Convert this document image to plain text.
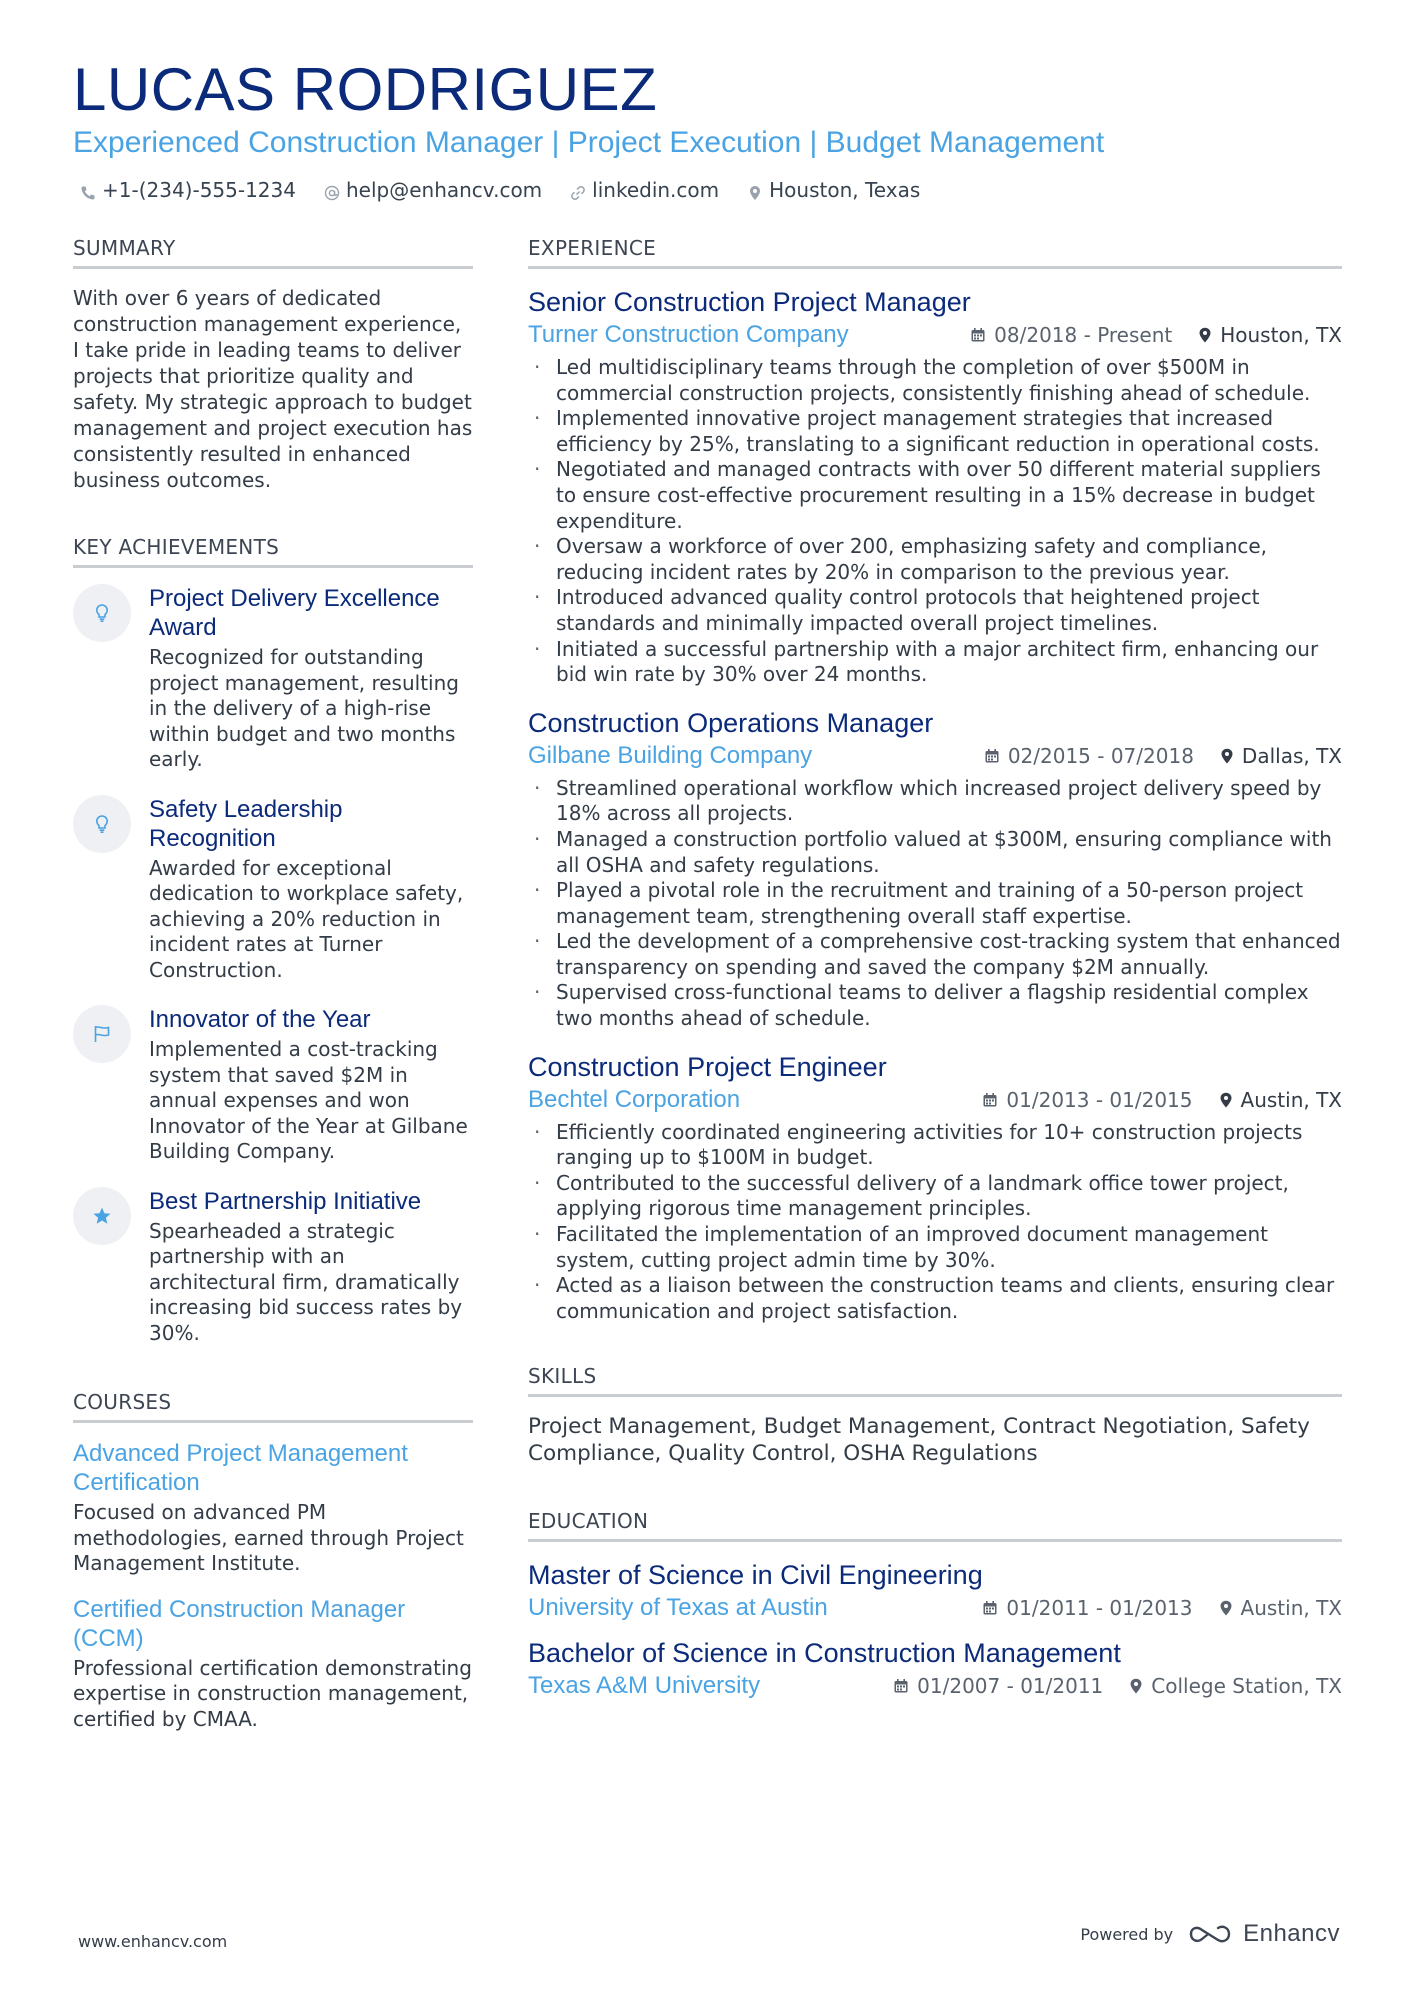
LUCAS RODRIGUEZ
Experienced Construction Manager | Project Execution | Budget Management
+1-(234)-555-1234	help@enhancv.com	linkedin.com	Houston, Texas
SUMMARY

With over 6 years of dedicated construction management experience, I take pride in leading teams to deliver projects that prioritize quality and safety. My strategic approach to budget management and project execution has consistently resulted in enhanced business outcomes.

KEY ACHIEVEMENTS
Project Delivery Excellence Award
Recognized for outstanding project management, resulting in the delivery of a high-rise within budget and two months early.
Safety Leadership Recognition
Awarded for exceptional dedication to workplace safety, achieving a 20% reduction in incident rates at Turner Construction.
Innovator of the Year
Implemented a cost-tracking system that saved $2M in annual expenses and won Innovator of the Year at Gilbane Building Company.
Best Partnership Initiative
Spearheaded a strategic partnership with an architectural firm, dramatically increasing bid success rates by 30%.
COURSES
Advanced Project Management Certification
Focused on advanced PM methodologies, earned through Project Management Institute.
Certified Construction Manager (CCM)
Professional certification demonstrating expertise in construction management, certified by CMAA.
EXPERIENCE
Senior Construction Project Manager
Turner Construction Company	08/2018 - Present Houston, TX
· Led multidisciplinary teams through the completion of over $500M in commercial construction projects, consistently finishing ahead of schedule.
· Implemented innovative project management strategies that increased efficiency by 25%, translating to a significant reduction in operational costs.
· Negotiated and managed contracts with over 50 different material suppliers to ensure cost-effective procurement resulting in a 15% decrease in budget expenditure.
· Oversaw a workforce of over 200, emphasizing safety and compliance, reducing incident rates by 20% in comparison to the previous year.
· Introduced advanced quality control protocols that heightened project standards and minimally impacted overall project timelines.
· Initiated a successful partnership with a major architect firm, enhancing our bid win rate by 30% over 24 months.
Construction Operations Manager
Gilbane Building Company	02/2015 - 07/2018 Dallas, TX
· Streamlined operational workflow which increased project delivery speed by 18% across all projects.
· Managed a construction portfolio valued at $300M, ensuring compliance with all OSHA and safety regulations.
· Played a pivotal role in the recruitment and training of a 50-person project management team, strengthening overall staff expertise.
· Led the development of a comprehensive cost-tracking system that enhanced transparency on spending and saved the company $2M annually.
· Supervised cross-functional teams to deliver a flagship residential complex two months ahead of schedule.
Construction Project Engineer
Bechtel Corporation	01/2013 - 01/2015 Austin, TX
· Efficiently coordinated engineering activities for 10+ construction projects ranging up to $100M in budget.
· Contributed to the successful delivery of a landmark office tower project, applying rigorous time management principles.
· Facilitated the implementation of an improved document management system, cutting project admin time by 30%.
· Acted as a liaison between the construction teams and clients, ensuring clear communication and project satisfaction.
SKILLS

Project Management, Budget Management, Contract Negotiation, Safety Compliance, Quality Control, OSHA Regulations

EDUCATION
Master of Science in Civil Engineering
University of Texas at Austin	01/2011 - 01/2013 Austin, TX
Bachelor of Science in Construction Management
Texas A&M University	01/2007 - 01/2011 College Station, TX
www.enhancv.com	Powered by	Enhancv
